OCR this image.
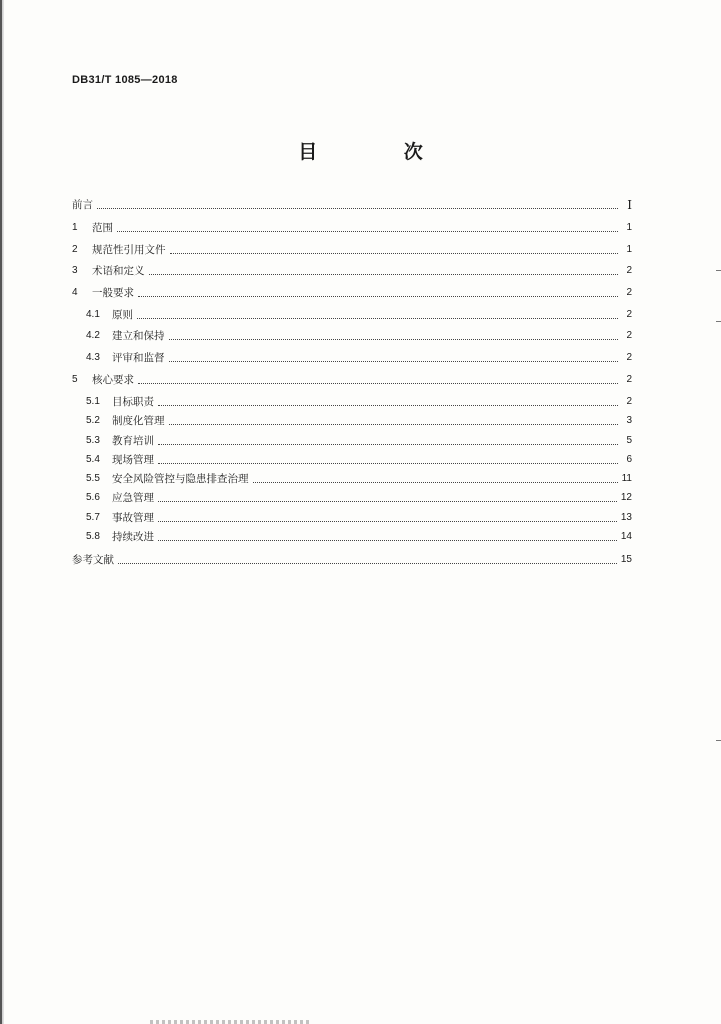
DB31/T 1085—2018
目 次
前言	I
1	范围	1
2	规范性引用文件	1
3	术语和定义	2
4	一般要求	2
4.1	原则	2
4.2	建立和保持	2
4.3	评审和监督	2
5	核心要求	2
5.1	目标职责	2
5.2	制度化管理	3
5.3	教育培训	5
5.4	现场管理	6
5.5	安全风险管控与隐患排查治理	11
5.6	应急管理	12
5.7	事故管理	13
5.8	持续改进	14
参考文献	15
